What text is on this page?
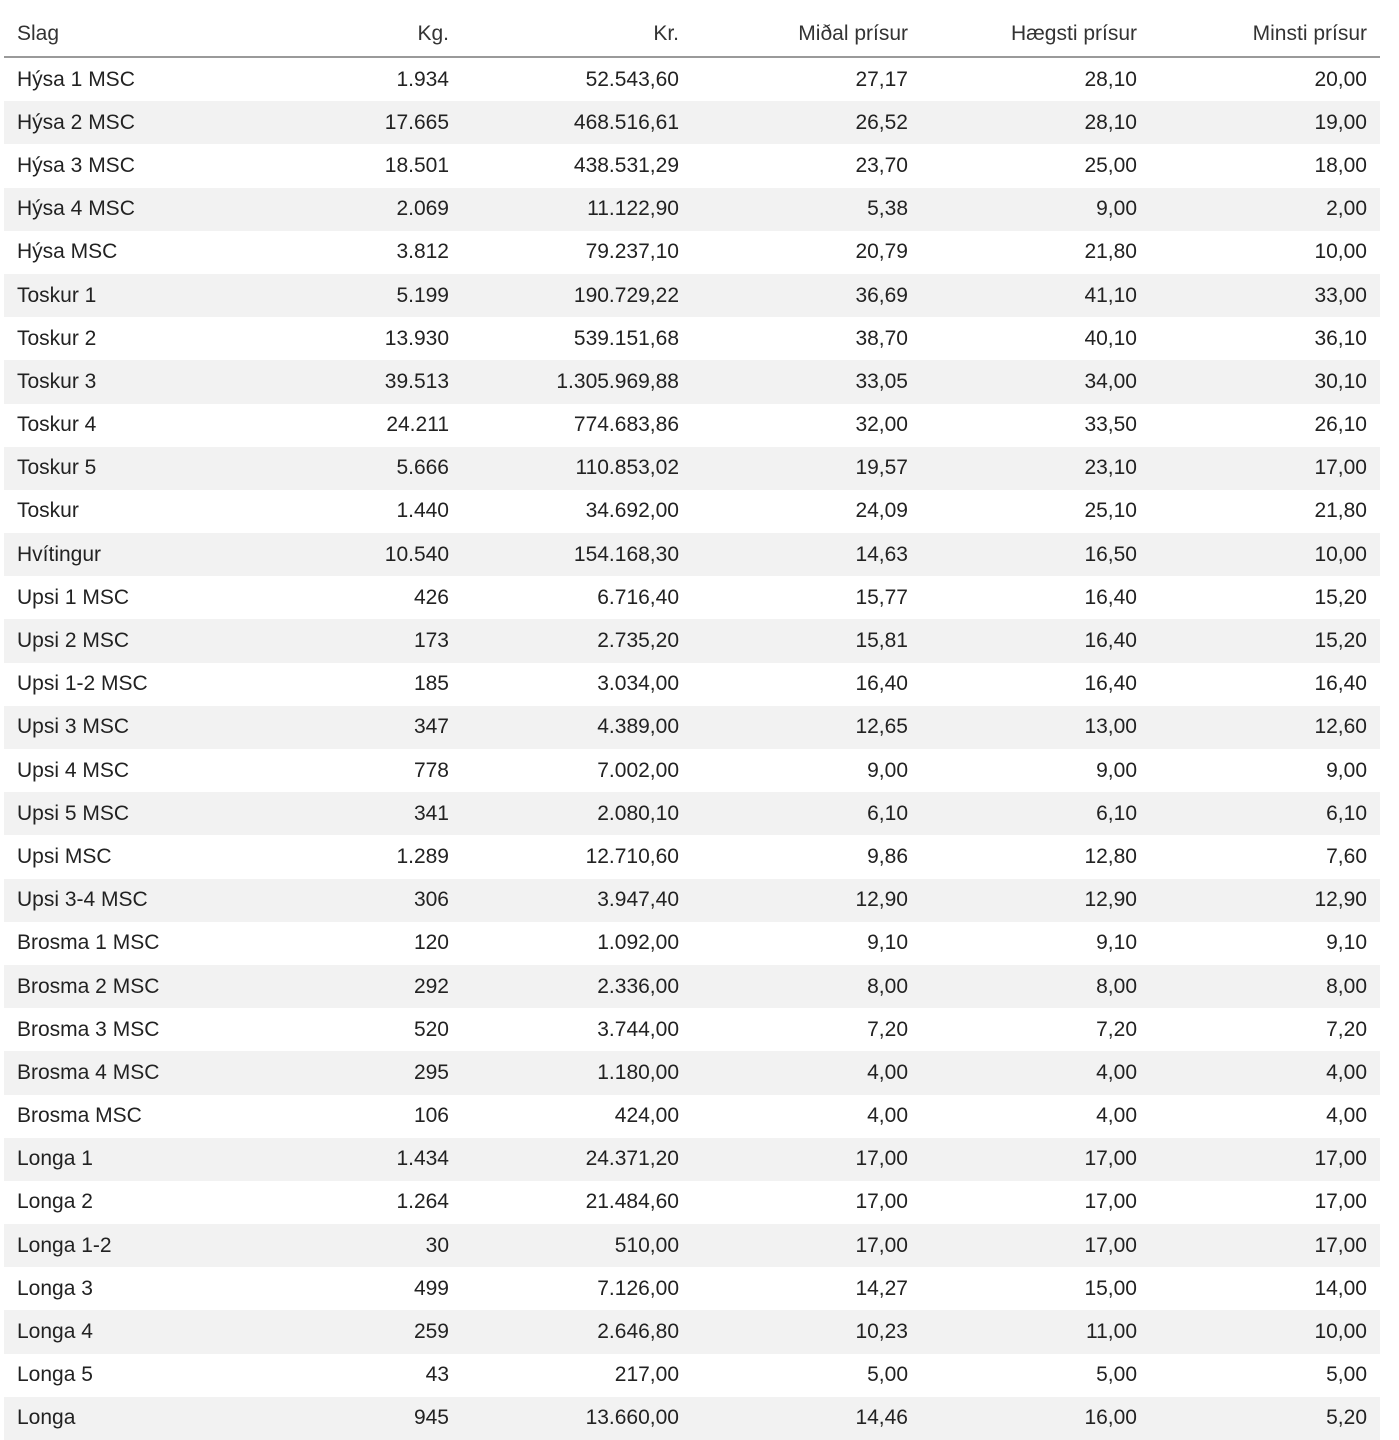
Slag	Kg.	Kr.	Miðal prísur	Hægsti prísur	Minsti prísur
Hýsa 1 MSC	1.934	52.543,60	27,17	28,10	20,00
Hýsa 2 MSC	17.665	468.516,61	26,52	28,10	19,00
Hýsa 3 MSC	18.501	438.531,29	23,70	25,00	18,00
Hýsa 4 MSC	2.069	11.122,90	5,38	9,00	2,00
Hýsa MSC	3.812	79.237,10	20,79	21,80	10,00
Toskur 1	5.199	190.729,22	36,69	41,10	33,00
Toskur 2	13.930	539.151,68	38,70	40,10	36,10
Toskur 3	39.513	1.305.969,88	33,05	34,00	30,10
Toskur 4	24.211	774.683,86	32,00	33,50	26,10
Toskur 5	5.666	110.853,02	19,57	23,10	17,00
Toskur	1.440	34.692,00	24,09	25,10	21,80
Hvítingur	10.540	154.168,30	14,63	16,50	10,00
Upsi 1 MSC	426	6.716,40	15,77	16,40	15,20
Upsi 2 MSC	173	2.735,20	15,81	16,40	15,20
Upsi 1-2 MSC	185	3.034,00	16,40	16,40	16,40
Upsi 3 MSC	347	4.389,00	12,65	13,00	12,60
Upsi 4 MSC	778	7.002,00	9,00	9,00	9,00
Upsi 5 MSC	341	2.080,10	6,10	6,10	6,10
Upsi MSC	1.289	12.710,60	9,86	12,80	7,60
Upsi 3-4 MSC	306	3.947,40	12,90	12,90	12,90
Brosma 1 MSC	120	1.092,00	9,10	9,10	9,10
Brosma 2 MSC	292	2.336,00	8,00	8,00	8,00
Brosma 3 MSC	520	3.744,00	7,20	7,20	7,20
Brosma 4 MSC	295	1.180,00	4,00	4,00	4,00
Brosma MSC	106	424,00	4,00	4,00	4,00
Longa 1	1.434	24.371,20	17,00	17,00	17,00
Longa 2	1.264	21.484,60	17,00	17,00	17,00
Longa 1-2	30	510,00	17,00	17,00	17,00
Longa 3	499	7.126,00	14,27	15,00	14,00
Longa 4	259	2.646,80	10,23	11,00	10,00
Longa 5	43	217,00	5,00	5,00	5,00
Longa	945	13.660,00	14,46	16,00	5,20
